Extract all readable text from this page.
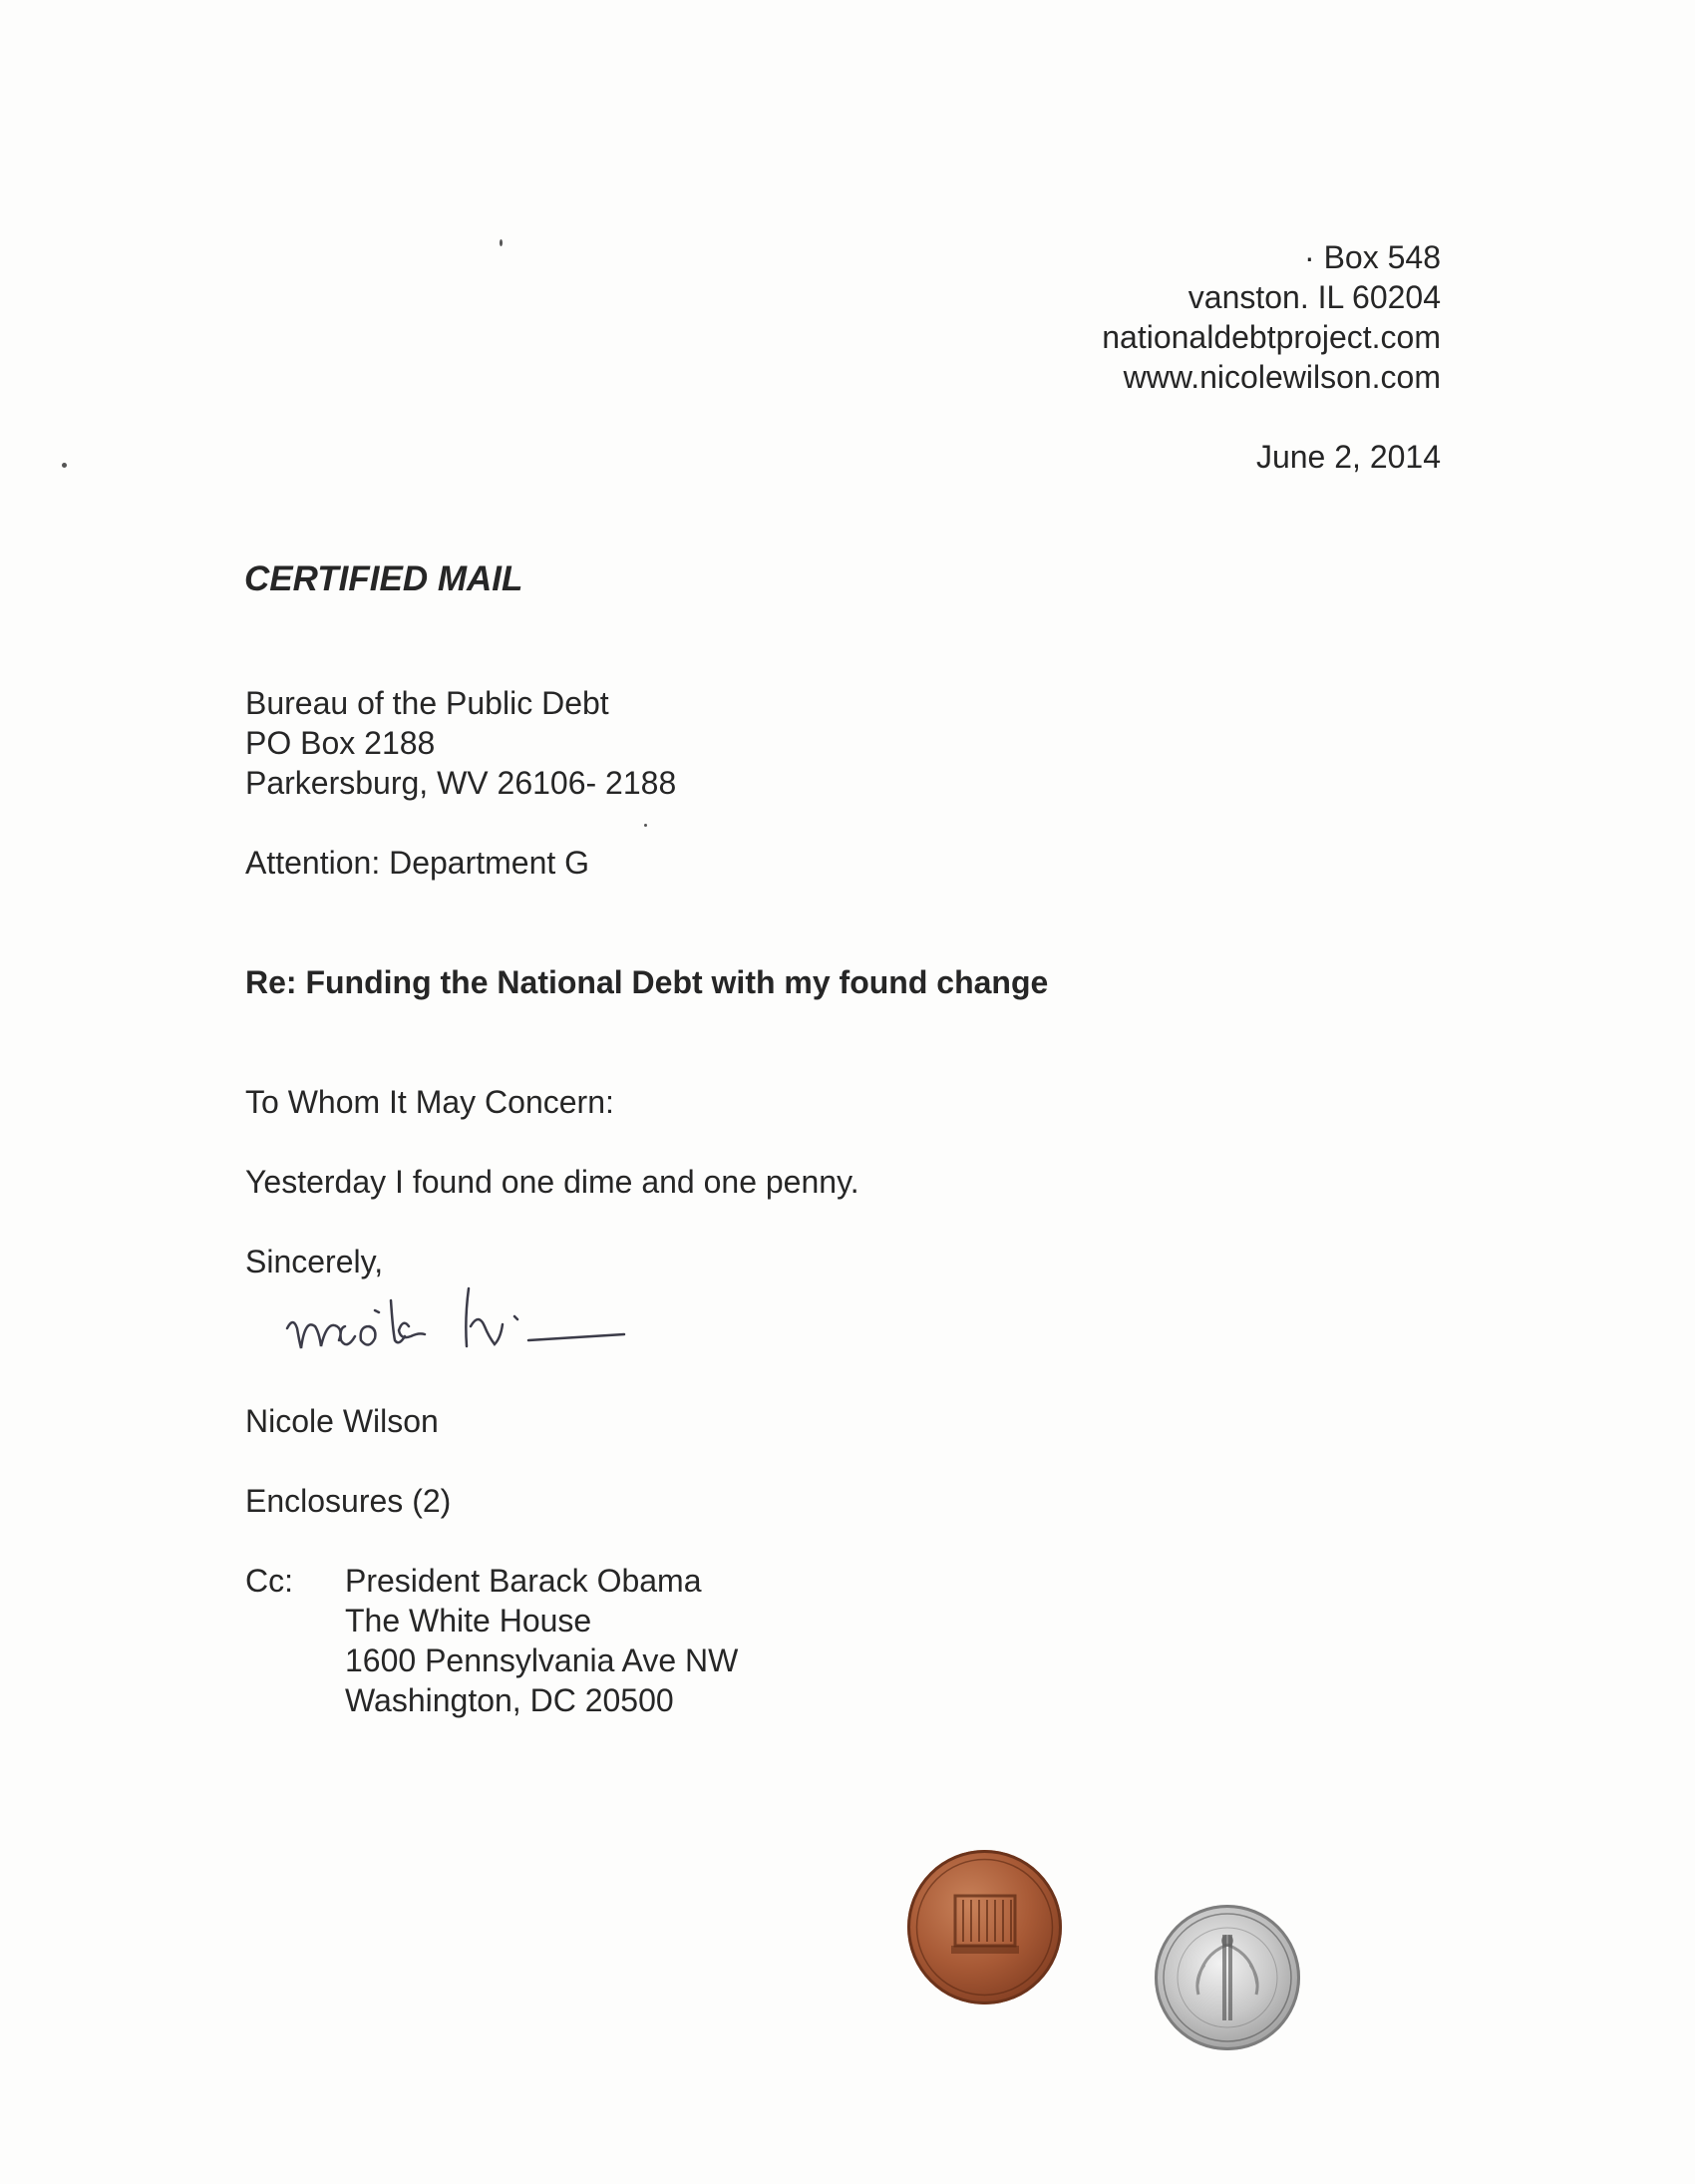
· Box 548
vanston. IL 60204
nationaldebtproject.com
www.nicolewilson.com
June 2, 2014
CERTIFIED MAIL
Bureau of the Public Debt
PO Box 2188
Parkersburg, WV 26106- 2188
Attention: Department G
Re: Funding the National Debt with my found change
To Whom It May Concern:
Yesterday I found one dime and one penny.
Sincerely,
Nicole Wilson
Enclosures (2)
Cc: President Barack Obama
The White House
1600 Pennsylvania Ave NW
Washington, DC 20500
